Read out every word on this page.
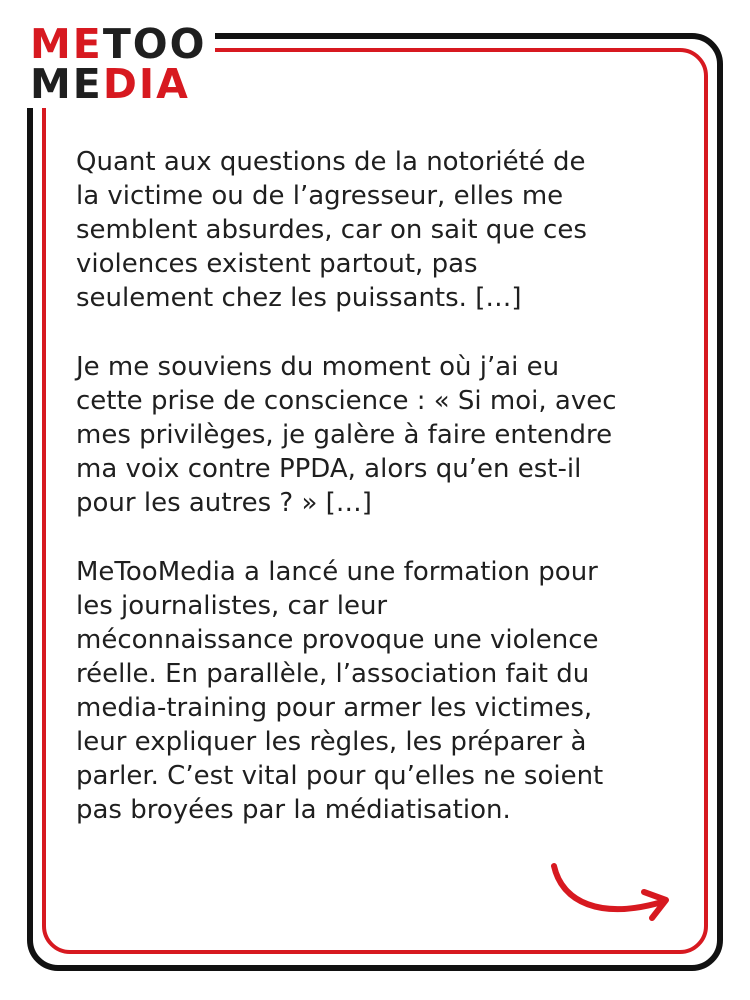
METOO
MEDIA

Quant aux questions de la notoriété de
la victime ou de l’agresseur, elles me
semblent absurdes, car on sait que ces
violences existent partout, pas
seulement chez les puissants. […]

Je me souviens du moment où j’ai eu
cette prise de conscience : « Si moi, avec
mes privilèges, je galère à faire entendre
ma voix contre PPDA, alors qu’en est-il
pour les autres ? » […]

MeTooMedia a lancé une formation pour
les journalistes, car leur
méconnaissance provoque une violence
réelle. En parallèle, l’association fait du
media-training pour armer les victimes,
leur expliquer les règles, les préparer à
parler. C’est vital pour qu’elles ne soient
pas broyées par la médiatisation.
